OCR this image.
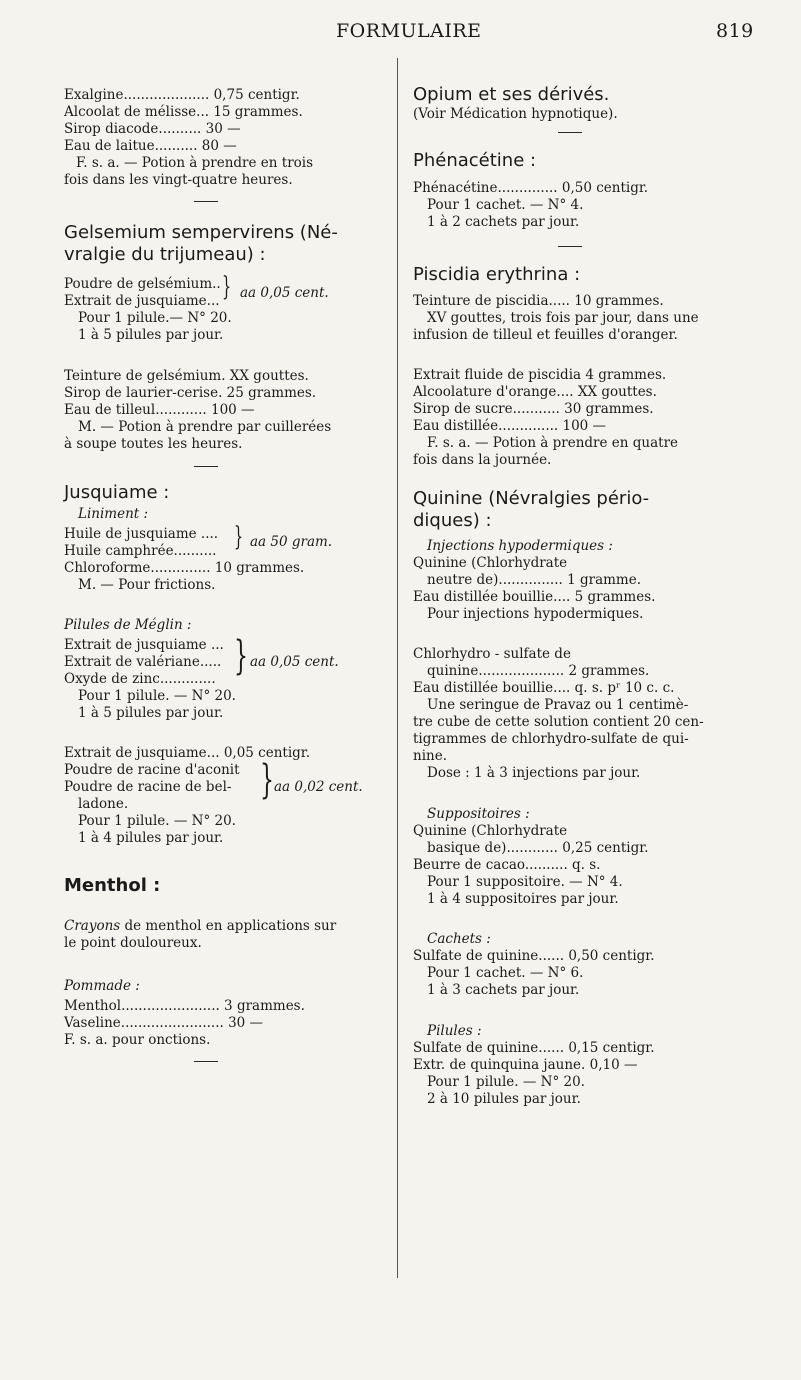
FORMULAIRE	819
Exalgine.................... 0,75 centigr.
Alcoolat de mélisse... 15 grammes.
Sirop diacode.......... 30 —
Eau de laitue.......... 80 —
F. s. a. — Potion à prendre en trois
fois dans les vingt-quatre heures.
Gelsemium sempervirens (Né-
vralgie du trijumeau) :
Poudre de gelsémium..
Extrait de jusquiame... } aa 0,05 cent.
Pour 1 pilule.— N° 20.
1 à 5 pilules par jour.
Teinture de gelsémium. XX gouttes.
Sirop de laurier-cerise. 25 grammes.
Eau de tilleul............ 100 —
M. — Potion à prendre par cuillerées
à soupe toutes les heures.
Jusquiame :
Liniment :
Huile de jusquiame ....
Huile camphrée.......... } aa 50 gram.
Chloroforme.............. 10 grammes.
M. — Pour frictions.
Pilules de Méglin :
Extrait de jusquiame ...
Extrait de valériane.....
Oxyde de zinc............. } aa 0,05 cent.
Pour 1 pilule. — N° 20.
1 à 5 pilules par jour.
Extrait de jusquiame... 0,05 centigr.
Poudre de racine d'aconit
Poudre de racine de bel-
ladone.
} aa 0,02 cent.
Pour 1 pilule. — N° 20.
1 à 4 pilules par jour.
Menthol :
Crayons de menthol en applications sur
le point douloureux.
Pommade :
Menthol....................... 3 grammes.
Vaseline........................ 30 —
F. s. a. pour onctions.
Opium et ses dérivés.
(Voir Médication hypnotique).
Phénacétine :
Phénacétine.............. 0,50 centigr.
Pour 1 cachet. — N° 4.
1 à 2 cachets par jour.
Piscidia erythrina :
Teinture de piscidia..... 10 grammes.
XV gouttes, trois fois par jour, dans une
infusion de tilleul et feuilles d'oranger.
Extrait fluide de piscidia 4 grammes.
Alcoolature d'orange.... XX gouttes.
Sirop de sucre........... 30 grammes.
Eau distillée.............. 100 —
F. s. a. — Potion à prendre en quatre
fois dans la journée.
Quinine (Névralgies pério-
diques) :
Injections hypodermiques :
Quinine (Chlorhydrate
neutre de)............... 1 gramme.
Eau distillée bouillie.... 5 grammes.
Pour injections hypodermiques.
Chlorhydro - sulfate de
quinine.................... 2 grammes.
Eau distillée bouillie.... q. s. pʳ 10 c. c.
Une seringue de Pravaz ou 1 centimè-
tre cube de cette solution contient 20 cen-
tigrammes de chlorhydro-sulfate de qui-
nine.
Dose : 1 à 3 injections par jour.
Suppositoires :
Quinine (Chlorhydrate
basique de)............ 0,25 centigr.
Beurre de cacao.......... q. s.
Pour 1 suppositoire. — N° 4.
1 à 4 suppositoires par jour.
Cachets :
Sulfate de quinine...... 0,50 centigr.
Pour 1 cachet. — N° 6.
1 à 3 cachets par jour.
Pilules :
Sulfate de quinine...... 0,15 centigr.
Extr. de quinquina jaune. 0,10 —
Pour 1 pilule. — N° 20.
2 à 10 pilules par jour.
